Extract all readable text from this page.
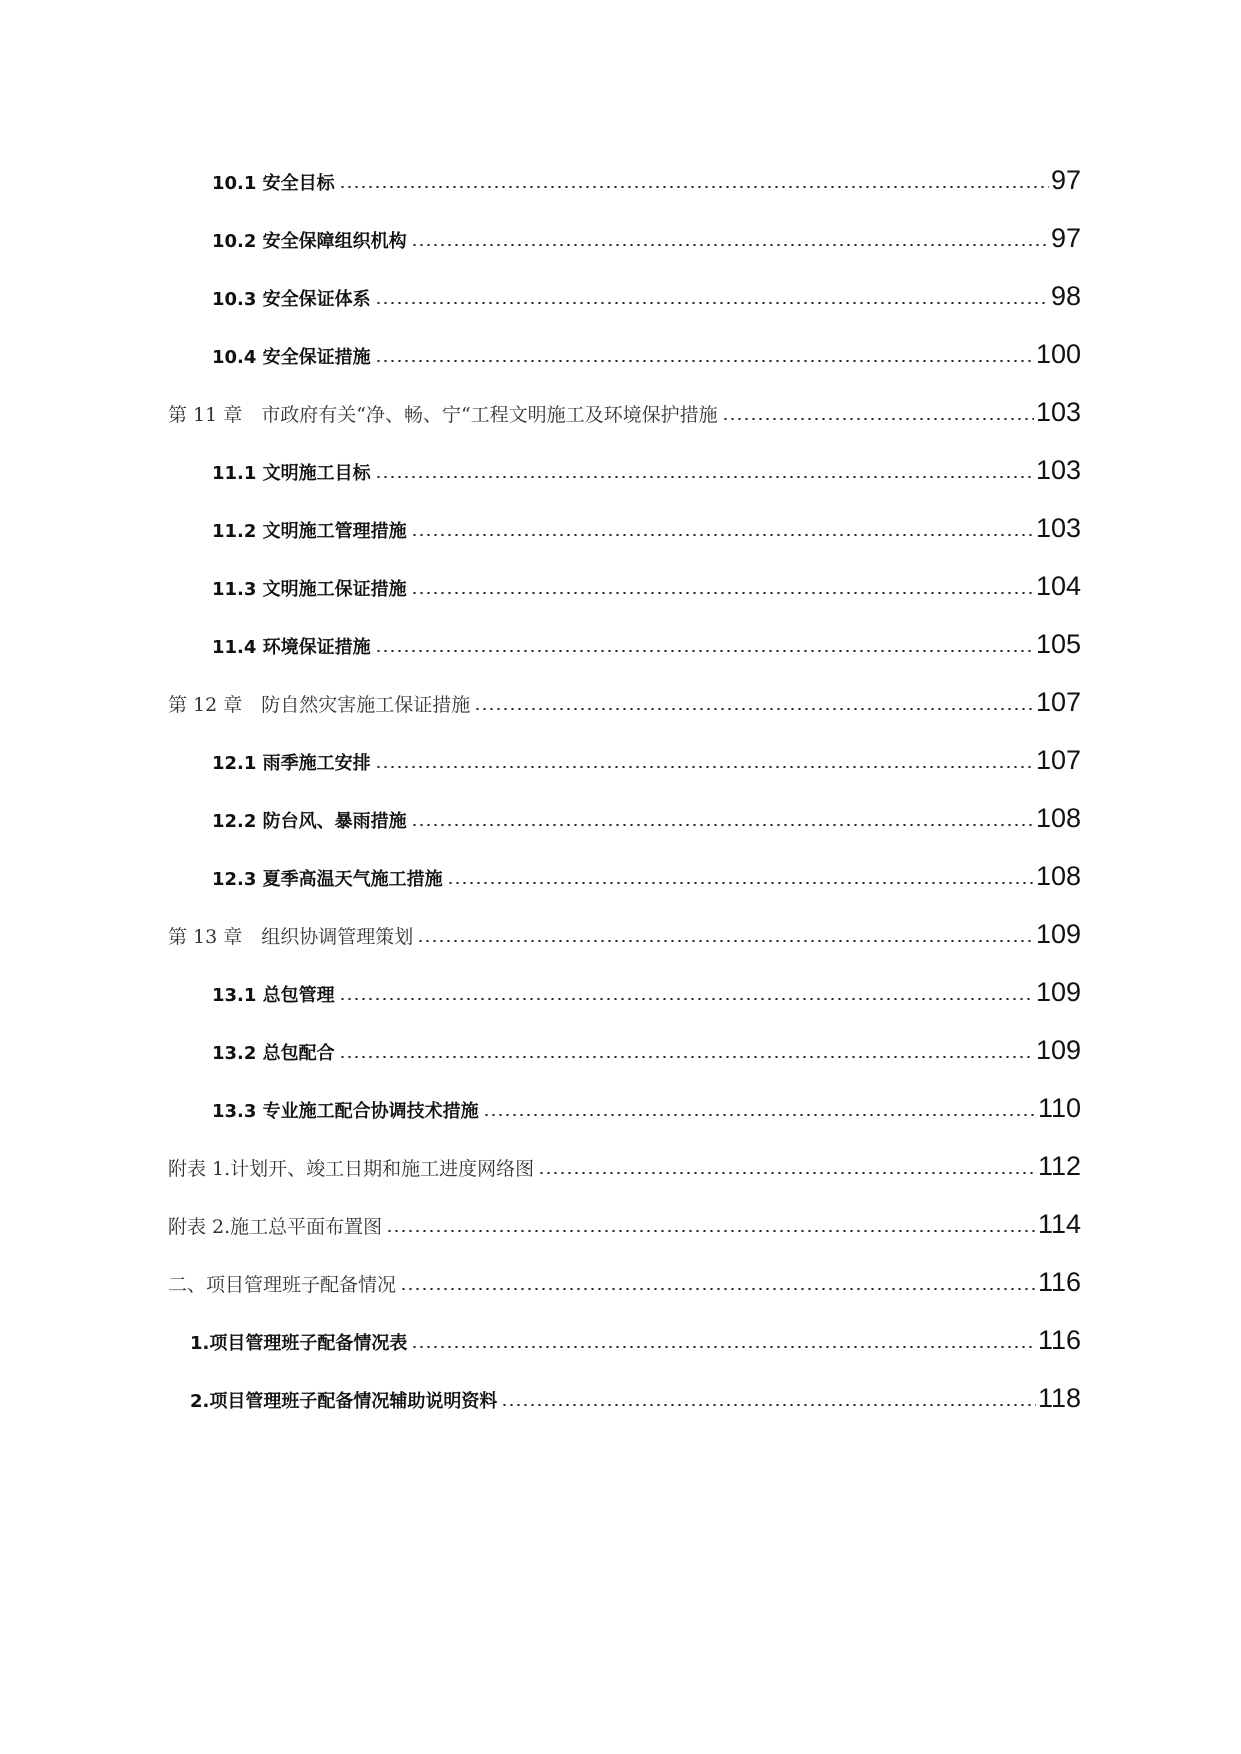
10.1 安全目标	97
10.2 安全保障组织机构	97
10.3 安全保证体系	98
10.4 安全保证措施	100
第 11 章　市政府有关“净、畅、宁“工程文明施工及环境保护措施	103
11.1 文明施工目标	103
11.2 文明施工管理措施	103
11.3 文明施工保证措施	104
11.4 环境保证措施	105
第 12 章　防自然灾害施工保证措施	107
12.1 雨季施工安排	107
12.2 防台风、暴雨措施	108
12.3 夏季高温天气施工措施	108
第 13 章　组织协调管理策划	109
13.1 总包管理	109
13.2 总包配合	109
13.3 专业施工配合协调技术措施	110
附表 1.计划开、竣工日期和施工进度网络图	112
附表 2.施工总平面布置图	114
二、项目管理班子配备情况	116
1.项目管理班子配备情况表	116
2.项目管理班子配备情况辅助说明资料	118
